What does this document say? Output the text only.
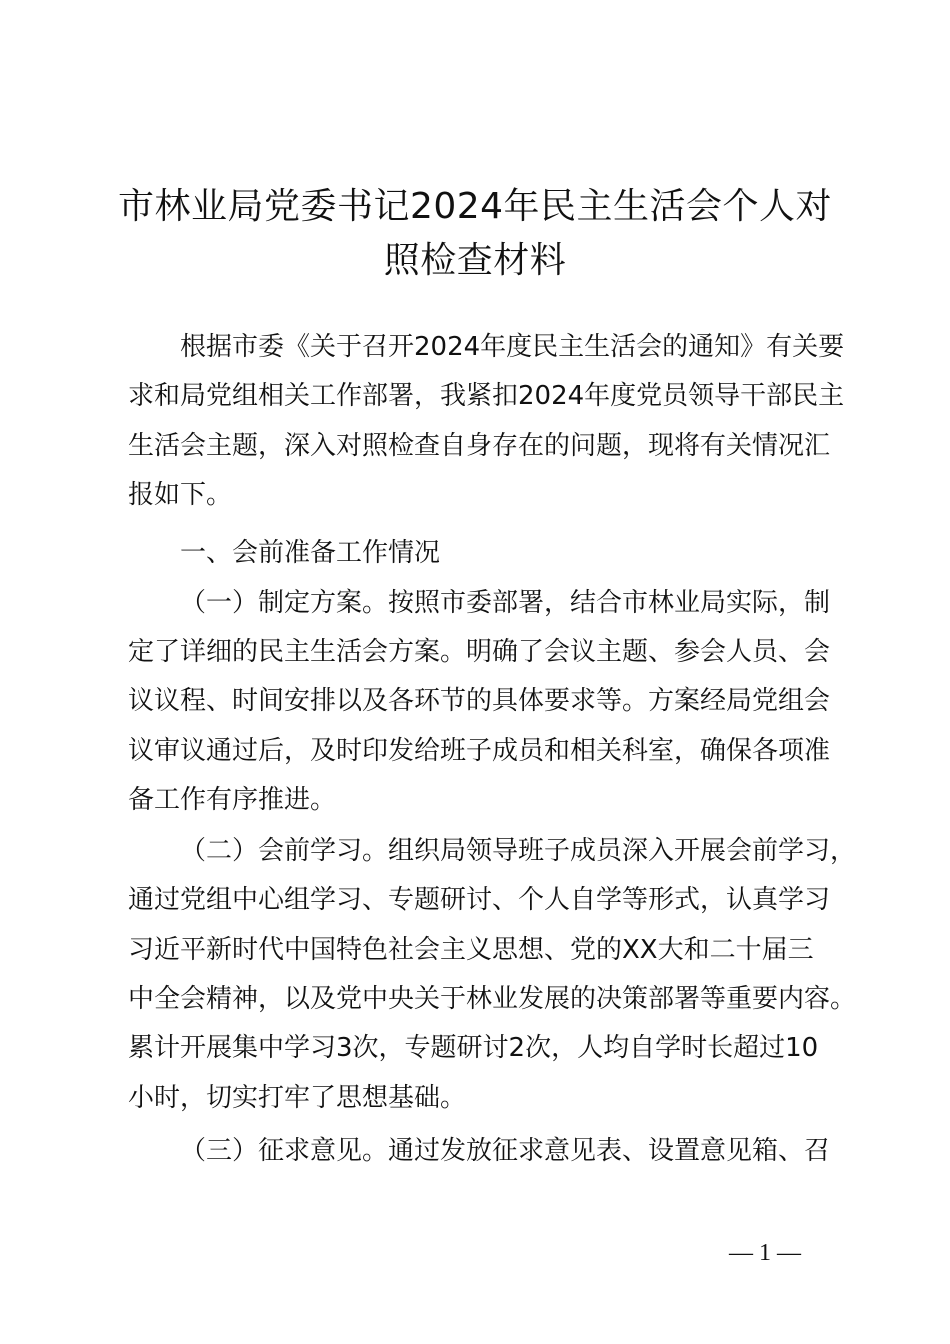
市林业局党委书记2024年民主生活会个人对
照检查材料
根据市委《关于召开2024年度民主生活会的通知》有关要
求和局党组相关工作部署，我紧扣2024年度党员领导干部民主
生活会主题，深入对照检查自身存在的问题，现将有关情况汇
报如下。
一、会前准备工作情况
（一）制定方案。按照市委部署，结合市林业局实际，制
定了详细的民主生活会方案。明确了会议主题、参会人员、会
议议程、时间安排以及各环节的具体要求等。方案经局党组会
议审议通过后，及时印发给班子成员和相关科室，确保各项准
备工作有序推进。
（二）会前学习。组织局领导班子成员深入开展会前学习，
通过党组中心组学习、专题研讨、个人自学等形式，认真学习
习近平新时代中国特色社会主义思想、党的XX大和二十届三
中全会精神，以及党中央关于林业发展的决策部署等重要内容。
累计开展集中学习3次，专题研讨2次，人均自学时长超过10
小时，切实打牢了思想基础。
（三）征求意见。通过发放征求意见表、设置意见箱、召
— 1 —
